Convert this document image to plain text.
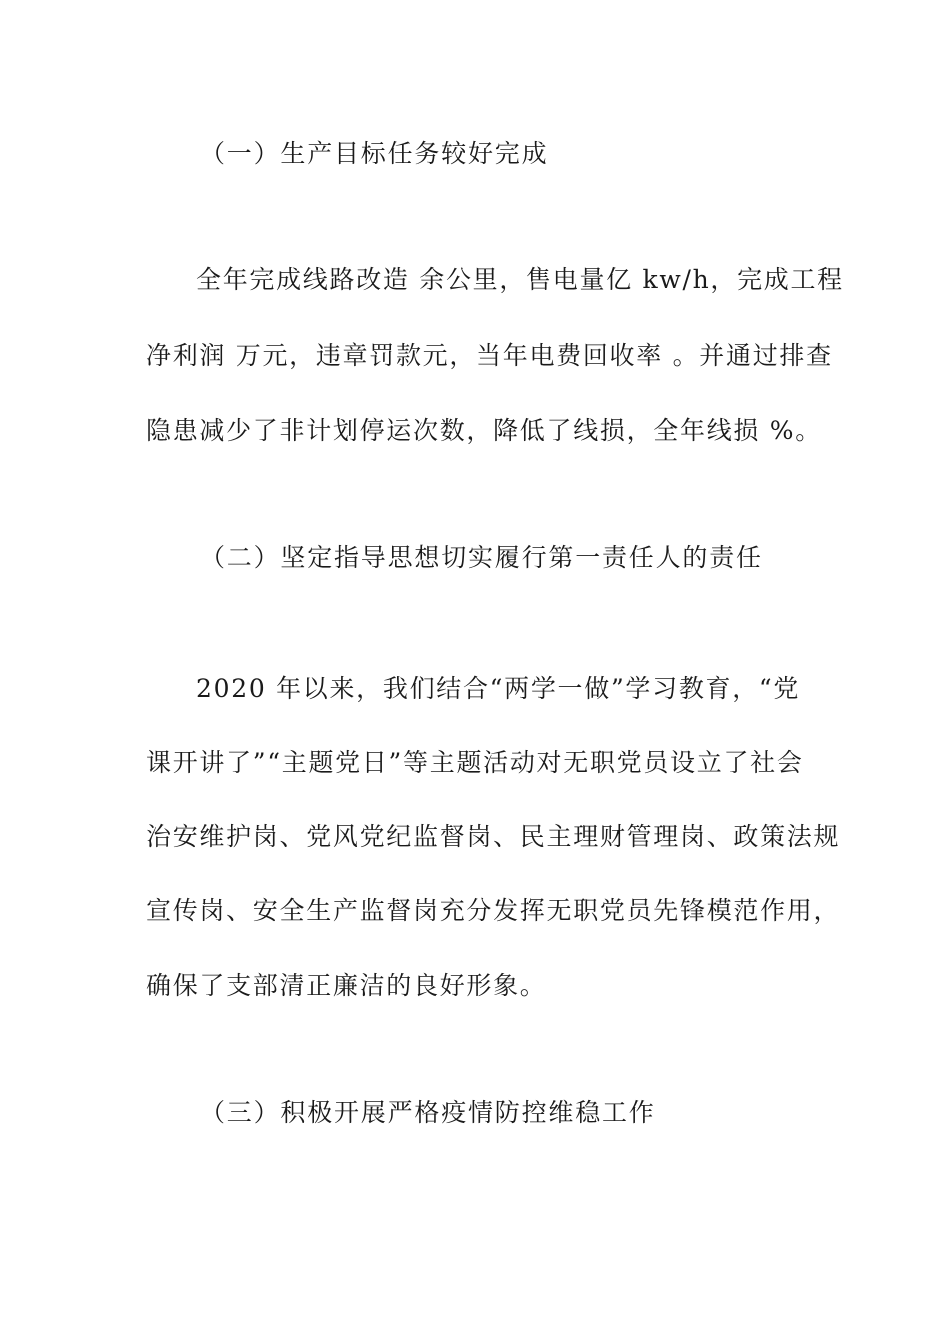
（一）生产目标任务较好完成
全年完成线路改造 余公里，售电量亿 kw/h，完成工程
净利润 万元，违章罚款元，当年电费回收率 。并通过排查
隐患减少了非计划停运次数，降低了线损，全年线损 %。
（二）坚定指导思想切实履行第一责任人的责任
2020 年以来，我们结合“两学一做”学习教育，“党
课开讲了”“主题党日”等主题活动对无职党员设立了社会
治安维护岗、党风党纪监督岗、民主理财管理岗、政策法规
宣传岗、安全生产监督岗充分发挥无职党员先锋模范作用，
确保了支部清正廉洁的良好形象。
（三）积极开展严格疫情防控维稳工作
